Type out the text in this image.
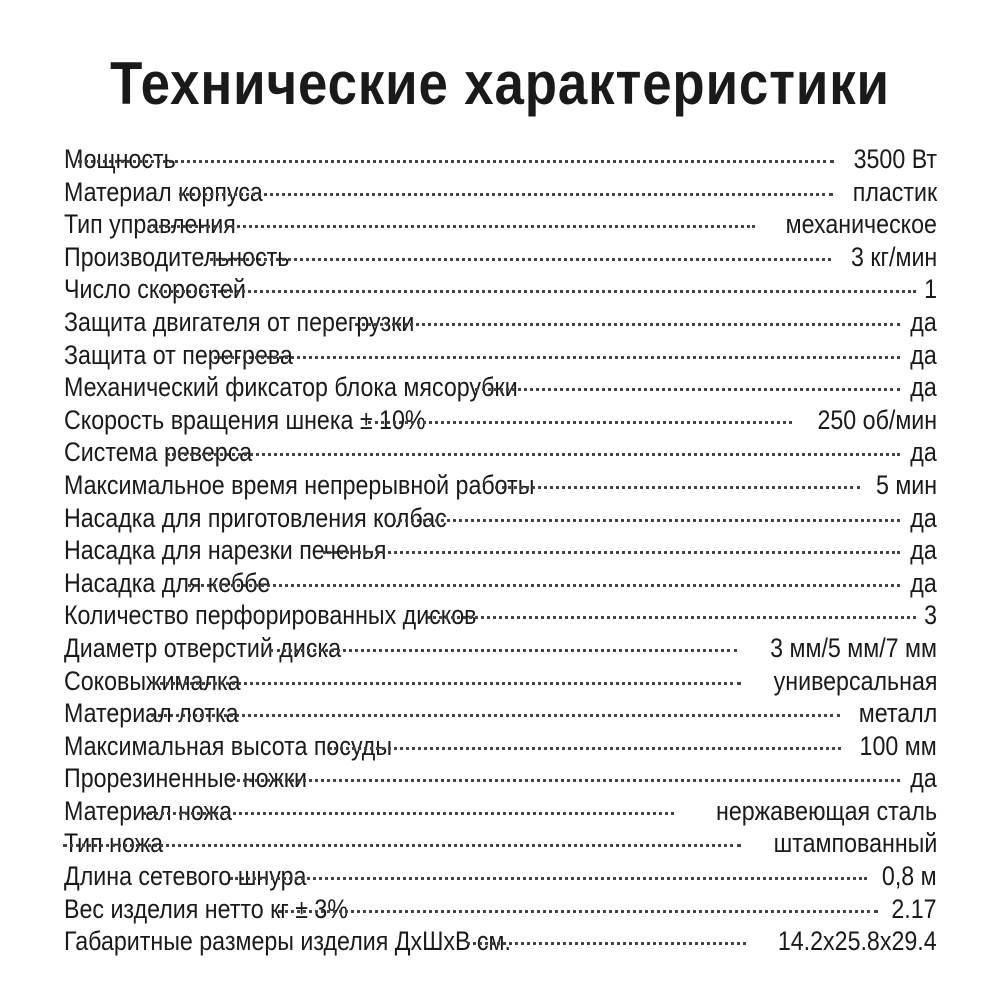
Технические характеристики
Мощность	3500 Вт
Материал корпуса	пластик
Тип управления	механическое
Производительность	3 кг/мин
Число скоростей	1
Защита двигателя от перегрузки	да
Защита от перегрева	да
Механический фиксатор блока мясорубки	да
Скорость вращения шнека ± 10%	250 об/мин
Система реверса	да
Максимальное время непрерывной работы	5 мин
Насадка для приготовления колбас	да
Насадка для нарезки печенья	да
Насадка для кеббе	да
Количество перфорированных дисков	3
Диаметр отверстий диска	3 мм/5 мм/7 мм
Соковыжималка	универсальная
Материал лотка	металл
Максимальная высота посуды	100 мм
Прорезиненные ножки	да
Материал ножа	нержавеющая сталь
Тип ножа	штампованный
Длина сетевого шнура	0,8 м
Вес изделия нетто кг ± 3%	2.17
Габаритные размеры изделия ДхШхВ см.	14.2х25.8х29.4
